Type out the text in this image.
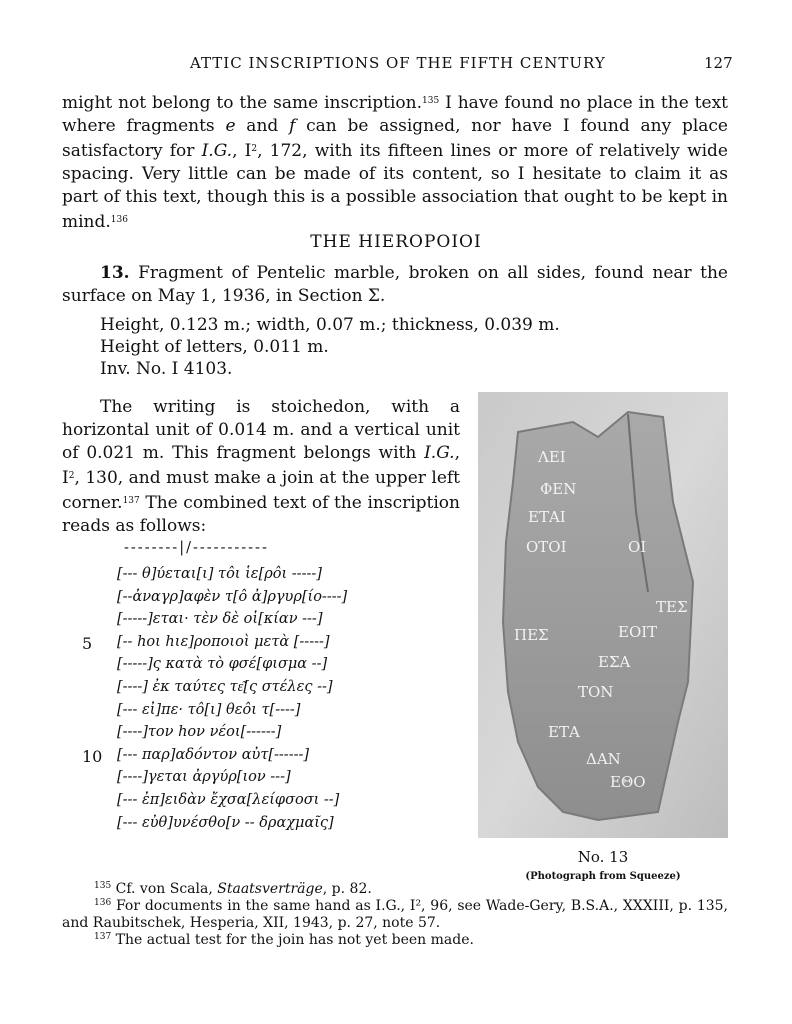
ATTIC INSCRIPTIONS OF THE FIFTH CENTURY	127
might not belong to the same inscription.$^{135}$ I have found no place in the text where fragments e and f can be assigned, nor have I found any place satisfactory for I.G., $I^2$, 172, with its fifteen lines or more of relatively wide spacing. Very little can be made of its content, so I hesitate to claim it as part of this text, though this is a possible association that ought to be kept in mind.$^{136}$
THE HIEROPOIOI
13. Fragment of Pentelic marble, broken on all sides, found near the surface on May 1, 1936, in Section Σ.
Height, 0.123 m.; width, 0.07 m.; thickness, 0.039 m.
Height of letters, 0.011 m.
Inv. No. I 4103.
The writing is stoichedon, with a horizontal unit of 0.014 m. and a vertical unit of 0.021 m. This fragment belongs with I.G., $I^2$, 130, and must make a join at the upper left corner.$^{137}$ The combined text of the inscription reads as follows:
--------|/-----------
[--- θ]ύεται[ι] τôι ἱε[ρôι -----]
[--ἀναγρ]αφὲν τ[ô ἀ]ργυρ[ίο----]
[-----]εται· τὲν δὲ οἱ[κίαν ---]
5 [-- hοι hιε]ροποιοὶ μετὰ [-----]
[-----]ς κατὰ τὸ φσέ[φισμα --]
[----] ἐκ ταύτες τε͂[ς στέλες --]
[--- εἰ]πε· τô[ι] θεôι τ[----]
[----]τον hον νέοι[------]
10 [--- παρ]αδόντον αὐτ[------]
[----]γεται ἀργύρ[ιον ---]
[--- ἐπ]ειδὰν ἔχσα[λείφσοσι --]
[--- εὐθ]υνέσθο[ν -- δραχμαῖς]
ΛΕΙ
ΦΕΝ
ΕΤΑΙ
ΟΤΟΙ	ΟΙ
ΤΕΣ
ΠΕΣ	ΕΟΙΤ
ΕΣΑ
ΤΟΝ
ΕΤΑ
ΔΑΝ
ΕΘΟ
No. 13
(Photograph from Squeeze)
$^{135}$ Cf. von Scala, Staatsverträge, p. 82.
$^{136}$ For documents in the same hand as I.G., I², 96, see Wade-Gery, B.S.A., XXXIII, p. 135, and Raubitschek, Hesperia, XII, 1943, p. 27, note 57.
$^{137}$ The actual test for the join has not yet been made.
